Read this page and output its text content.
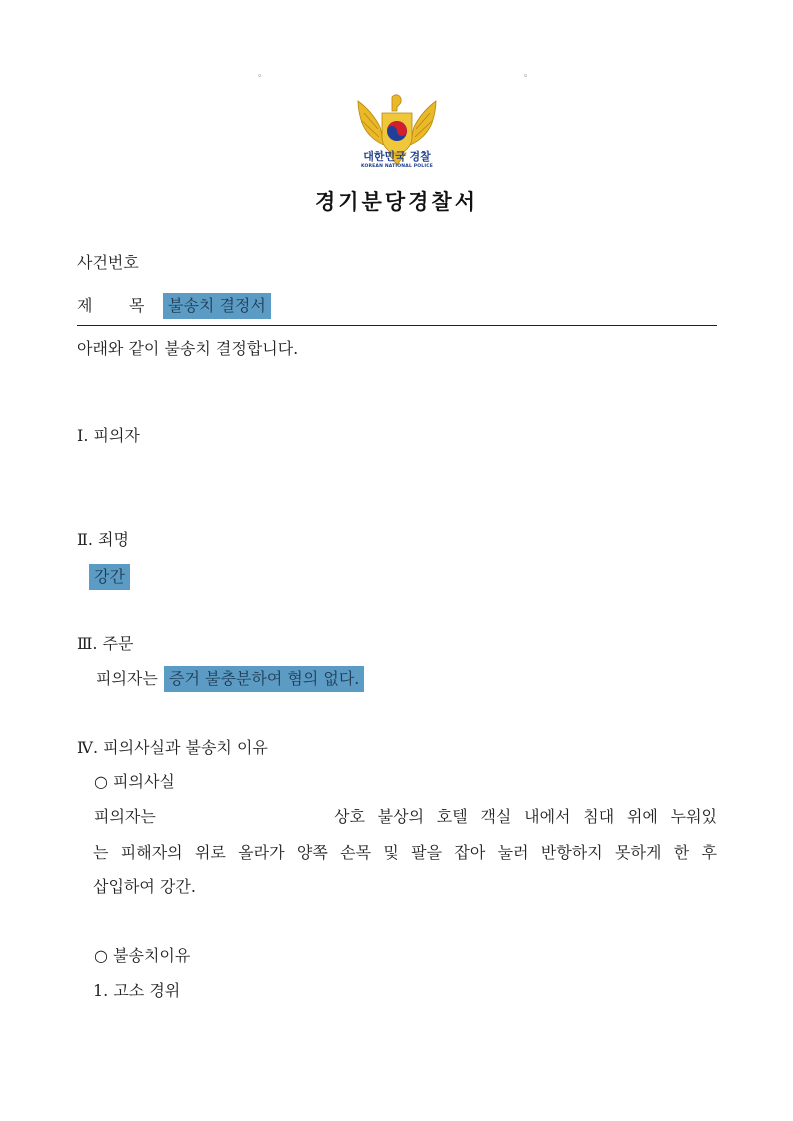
。	。
대한민국 경찰
KOREAN NATIONAL POLICE
경기분당경찰서
사건번호
제 목	불송치 결정서
아래와 같이 불송치 결정합니다.
Ⅰ. 피의자
Ⅱ. 죄명
강간
Ⅲ. 주문
피의자는 증거 불충분하여 혐의 없다.
Ⅳ. 피의사실과 불송치 이유
○ 피의사실
피의자는	상호 불상의 호텔 객실 내에서 침대 위에 누워있
는 피해자의 위로 올라가 양쪽 손목 및 팔을 잡아 눌러 반항하지 못하게 한 후
삽입하여 강간.
○ 불송치이유
1. 고소 경위
